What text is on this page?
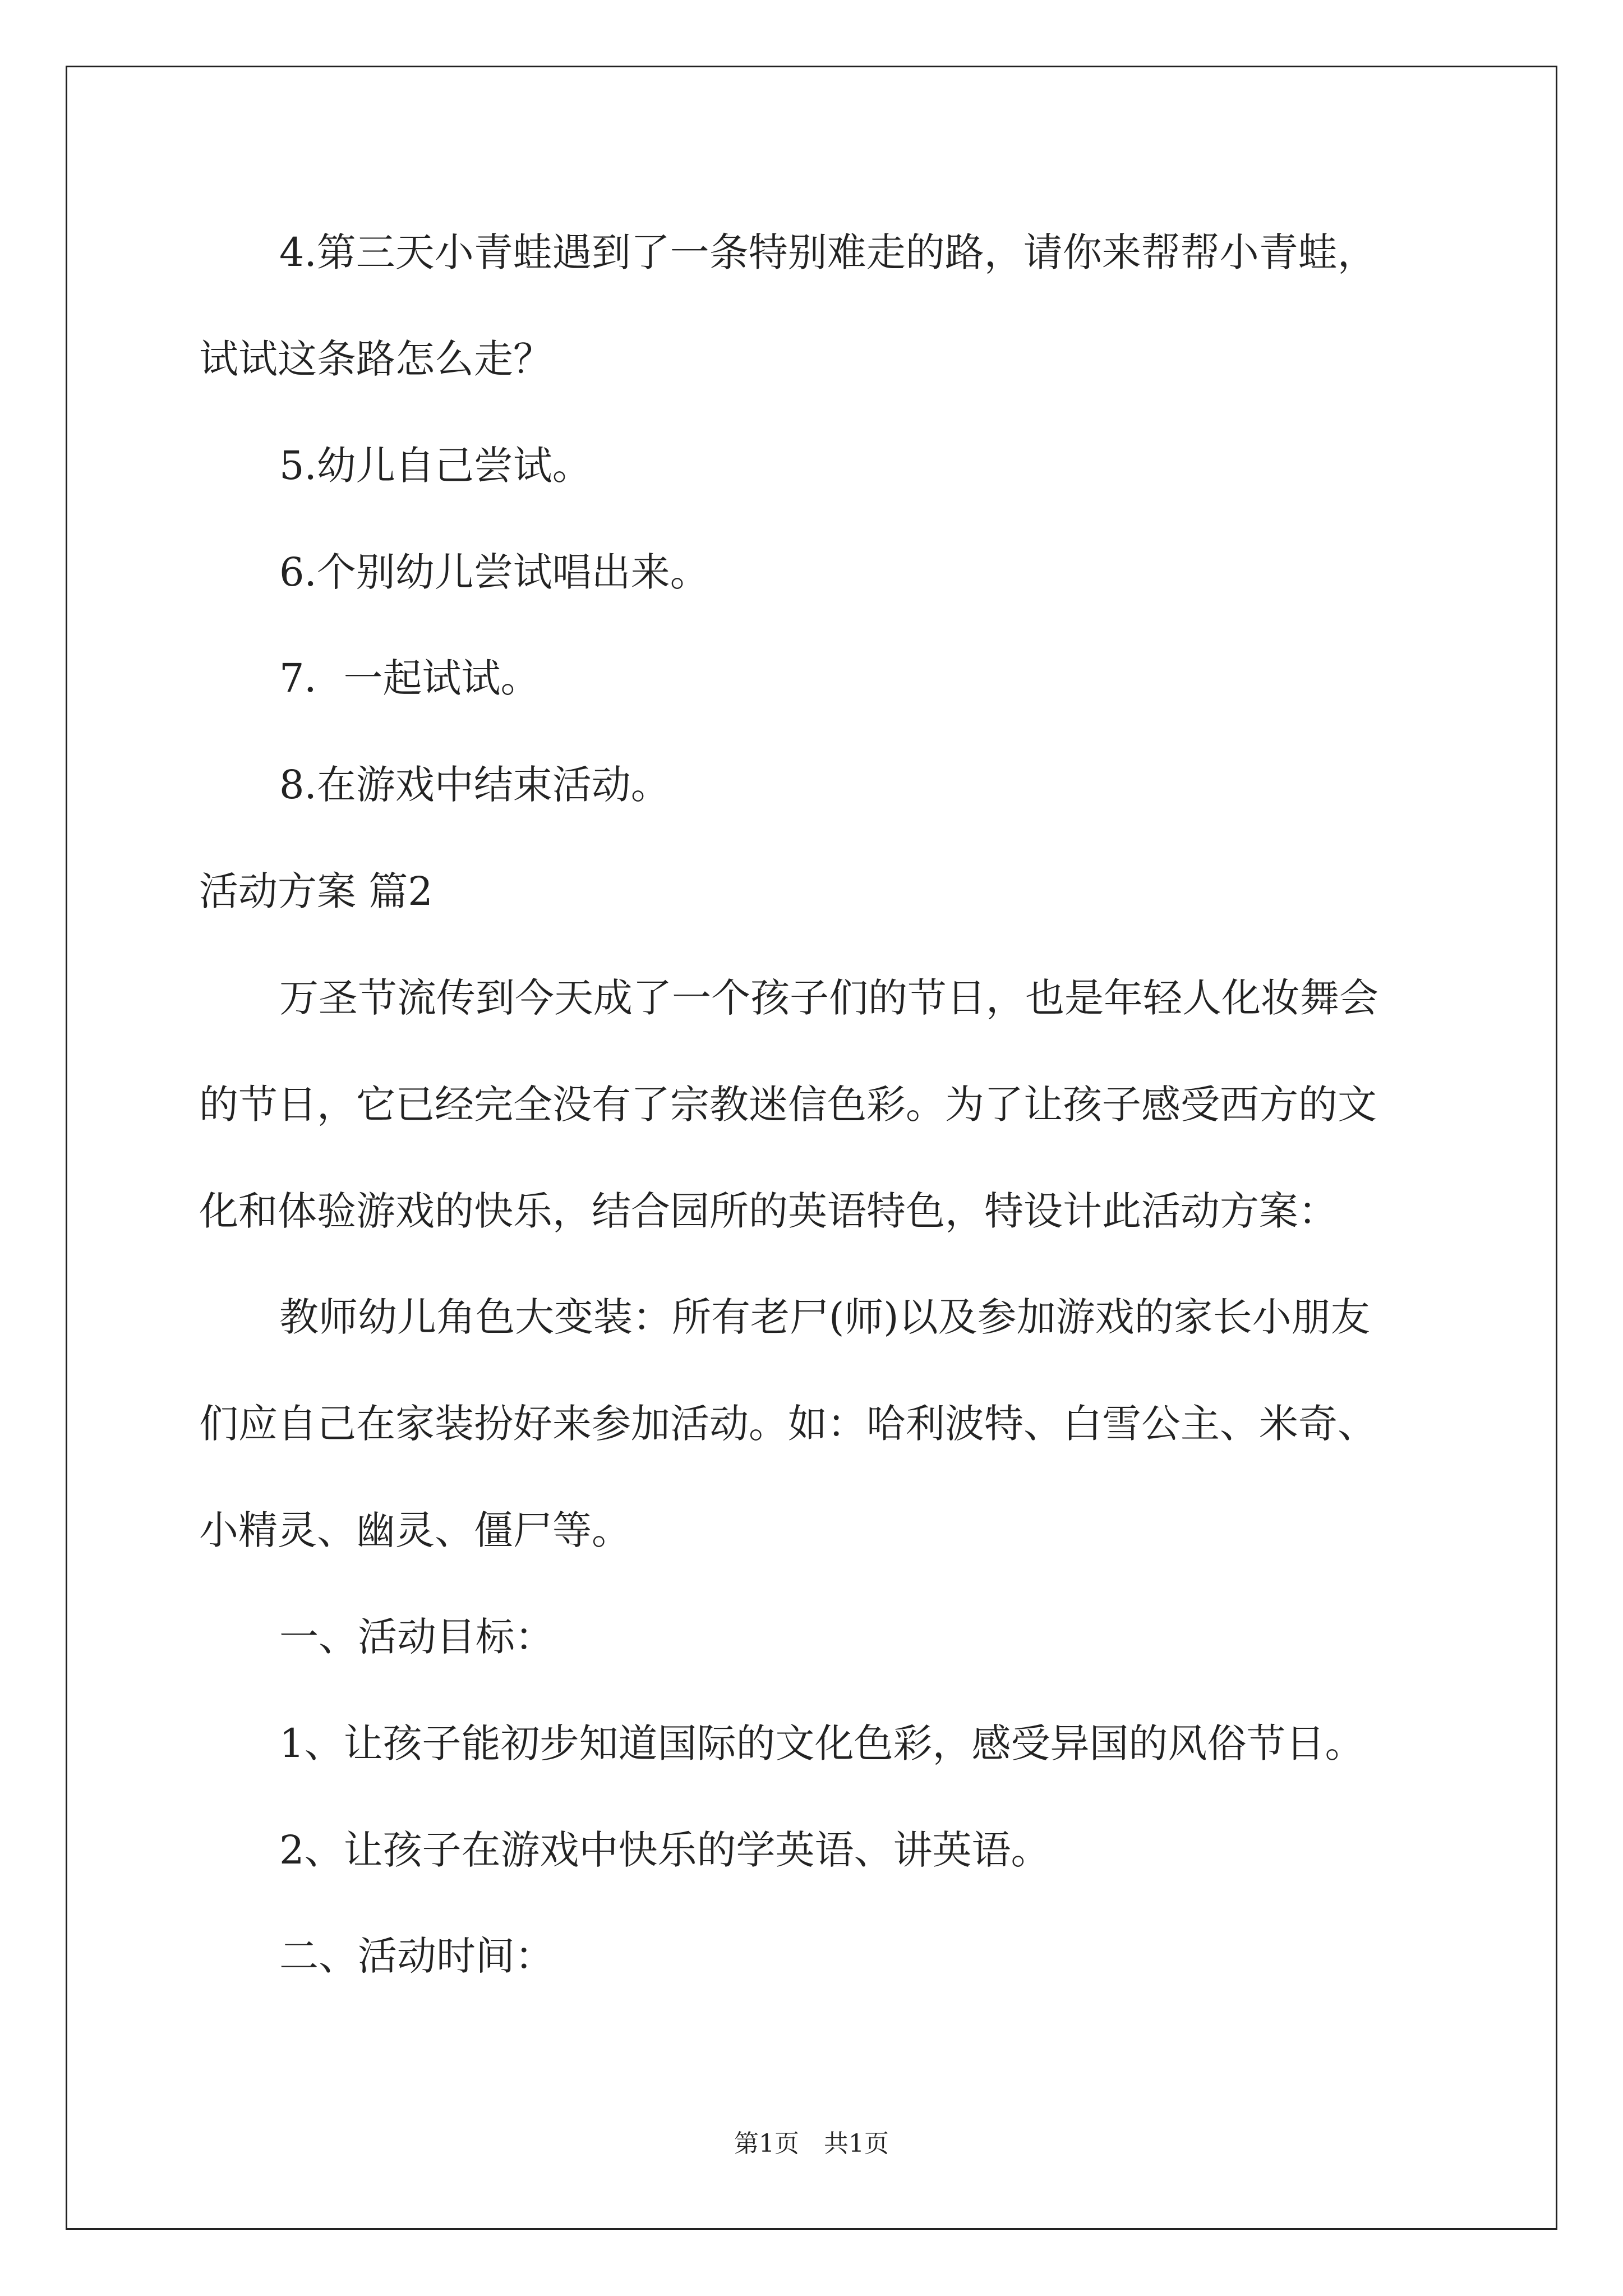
4.第三天小青蛙遇到了一条特别难走的路，请你来帮帮小青蛙，
试试这条路怎么走？
5.幼儿自己尝试。
6.个别幼儿尝试唱出来。
7．一起试试。
8.在游戏中结束活动。
活动方案 篇2
万圣节流传到今天成了一个孩子们的节日，也是年轻人化妆舞会
的节日，它已经完全没有了宗教迷信色彩。为了让孩子感受西方的文
化和体验游戏的快乐，结合园所的英语特色，特设计此活动方案：
教师幼儿角色大变装：所有老尸(师)以及参加游戏的家长小朋友
们应自己在家装扮好来参加活动。如：哈利波特、白雪公主、米奇、
小精灵、幽灵、僵尸等。
一、活动目标：
1、让孩子能初步知道国际的文化色彩，感受异国的风俗节日。
2、让孩子在游戏中快乐的学英语、讲英语。
二、活动时间：
第1页　共1页
